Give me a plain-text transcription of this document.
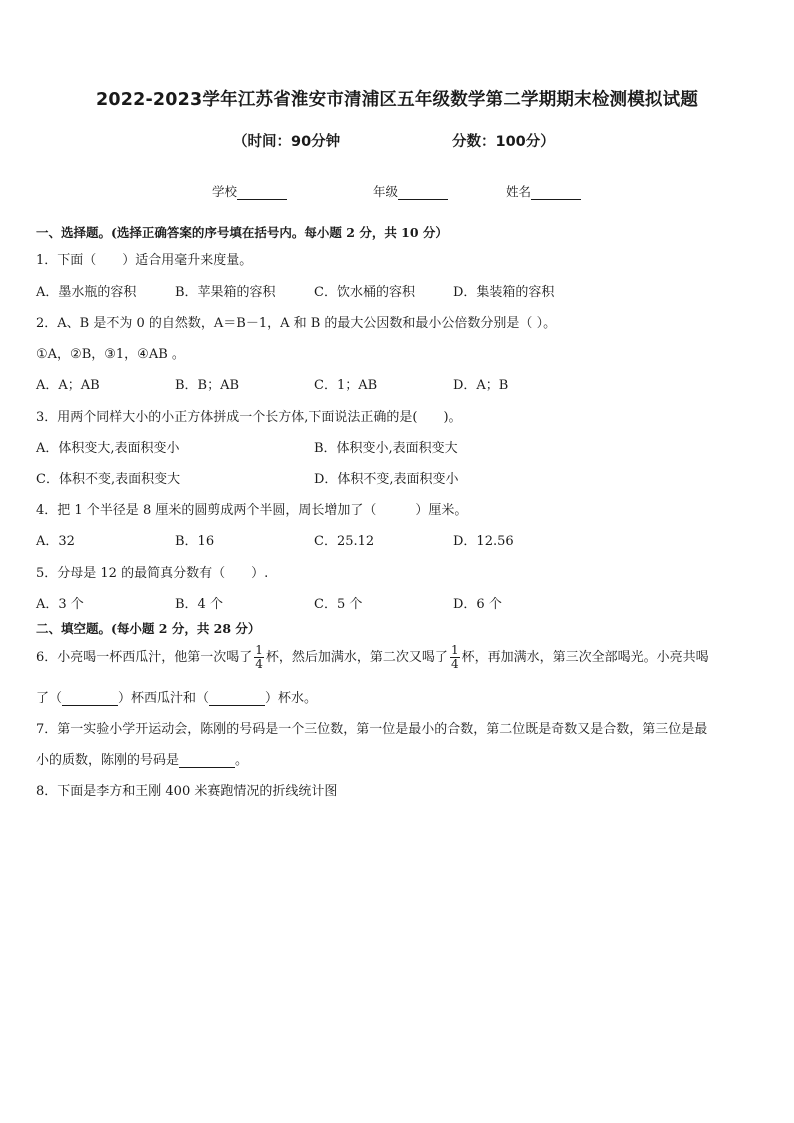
2022-2023学年江苏省淮安市清浦区五年级数学第二学期期末检测模拟试题
（时间：90分钟	分数：100分）
学校	年级	姓名
一、选择题。(选择正确答案的序号填在括号内。每小题 2 分，共 10 分）
1．下面（　　）适合用毫升来度量。
A．墨水瓶的容积	B．苹果箱的容积	C．饮水桶的容积	D．集装箱的容积
2．A、B 是不为 0 的自然数，A＝B－1，A 和 B 的最大公因数和最小公倍数分别是（ ）。
①A，②B，③1，④AB 。
A．A；AB	B．B；AB	C．1；AB	D．A；B
3．用两个同样大小的小正方体拼成一个长方体,下面说法正确的是(　　)。
A．体积变大,表面积变小	B．体积变小,表面积变大
C．体积不变,表面积变大	D．体积不变,表面积变小
4．把 1 个半径是 8 厘米的圆剪成两个半圆，周长增加了（　　　）厘米。
A．32	B．16	C．25.12	D．12.56
5．分母是 12 的最简真分数有（　　）.
A．3 个	B．4 个	C．5 个	D．6 个
二、填空题。(每小题 2 分，共 28 分）
6．小亮喝一杯西瓜汁，他第一次喝了 $\frac{1}{4}$ 杯，然后加满水，第二次又喝了 $\frac{1}{4}$ 杯，再加满水，第三次全部喝光。小亮共喝
了（	）杯西瓜汁和（	）杯水。
7．第一实验小学开运动会，陈刚的号码是一个三位数，第一位是最小的合数，第二位既是奇数又是合数，第三位是最
小的质数，陈刚的号码是	。
8．下面是李方和王刚 400 米赛跑情况的折线统计图
